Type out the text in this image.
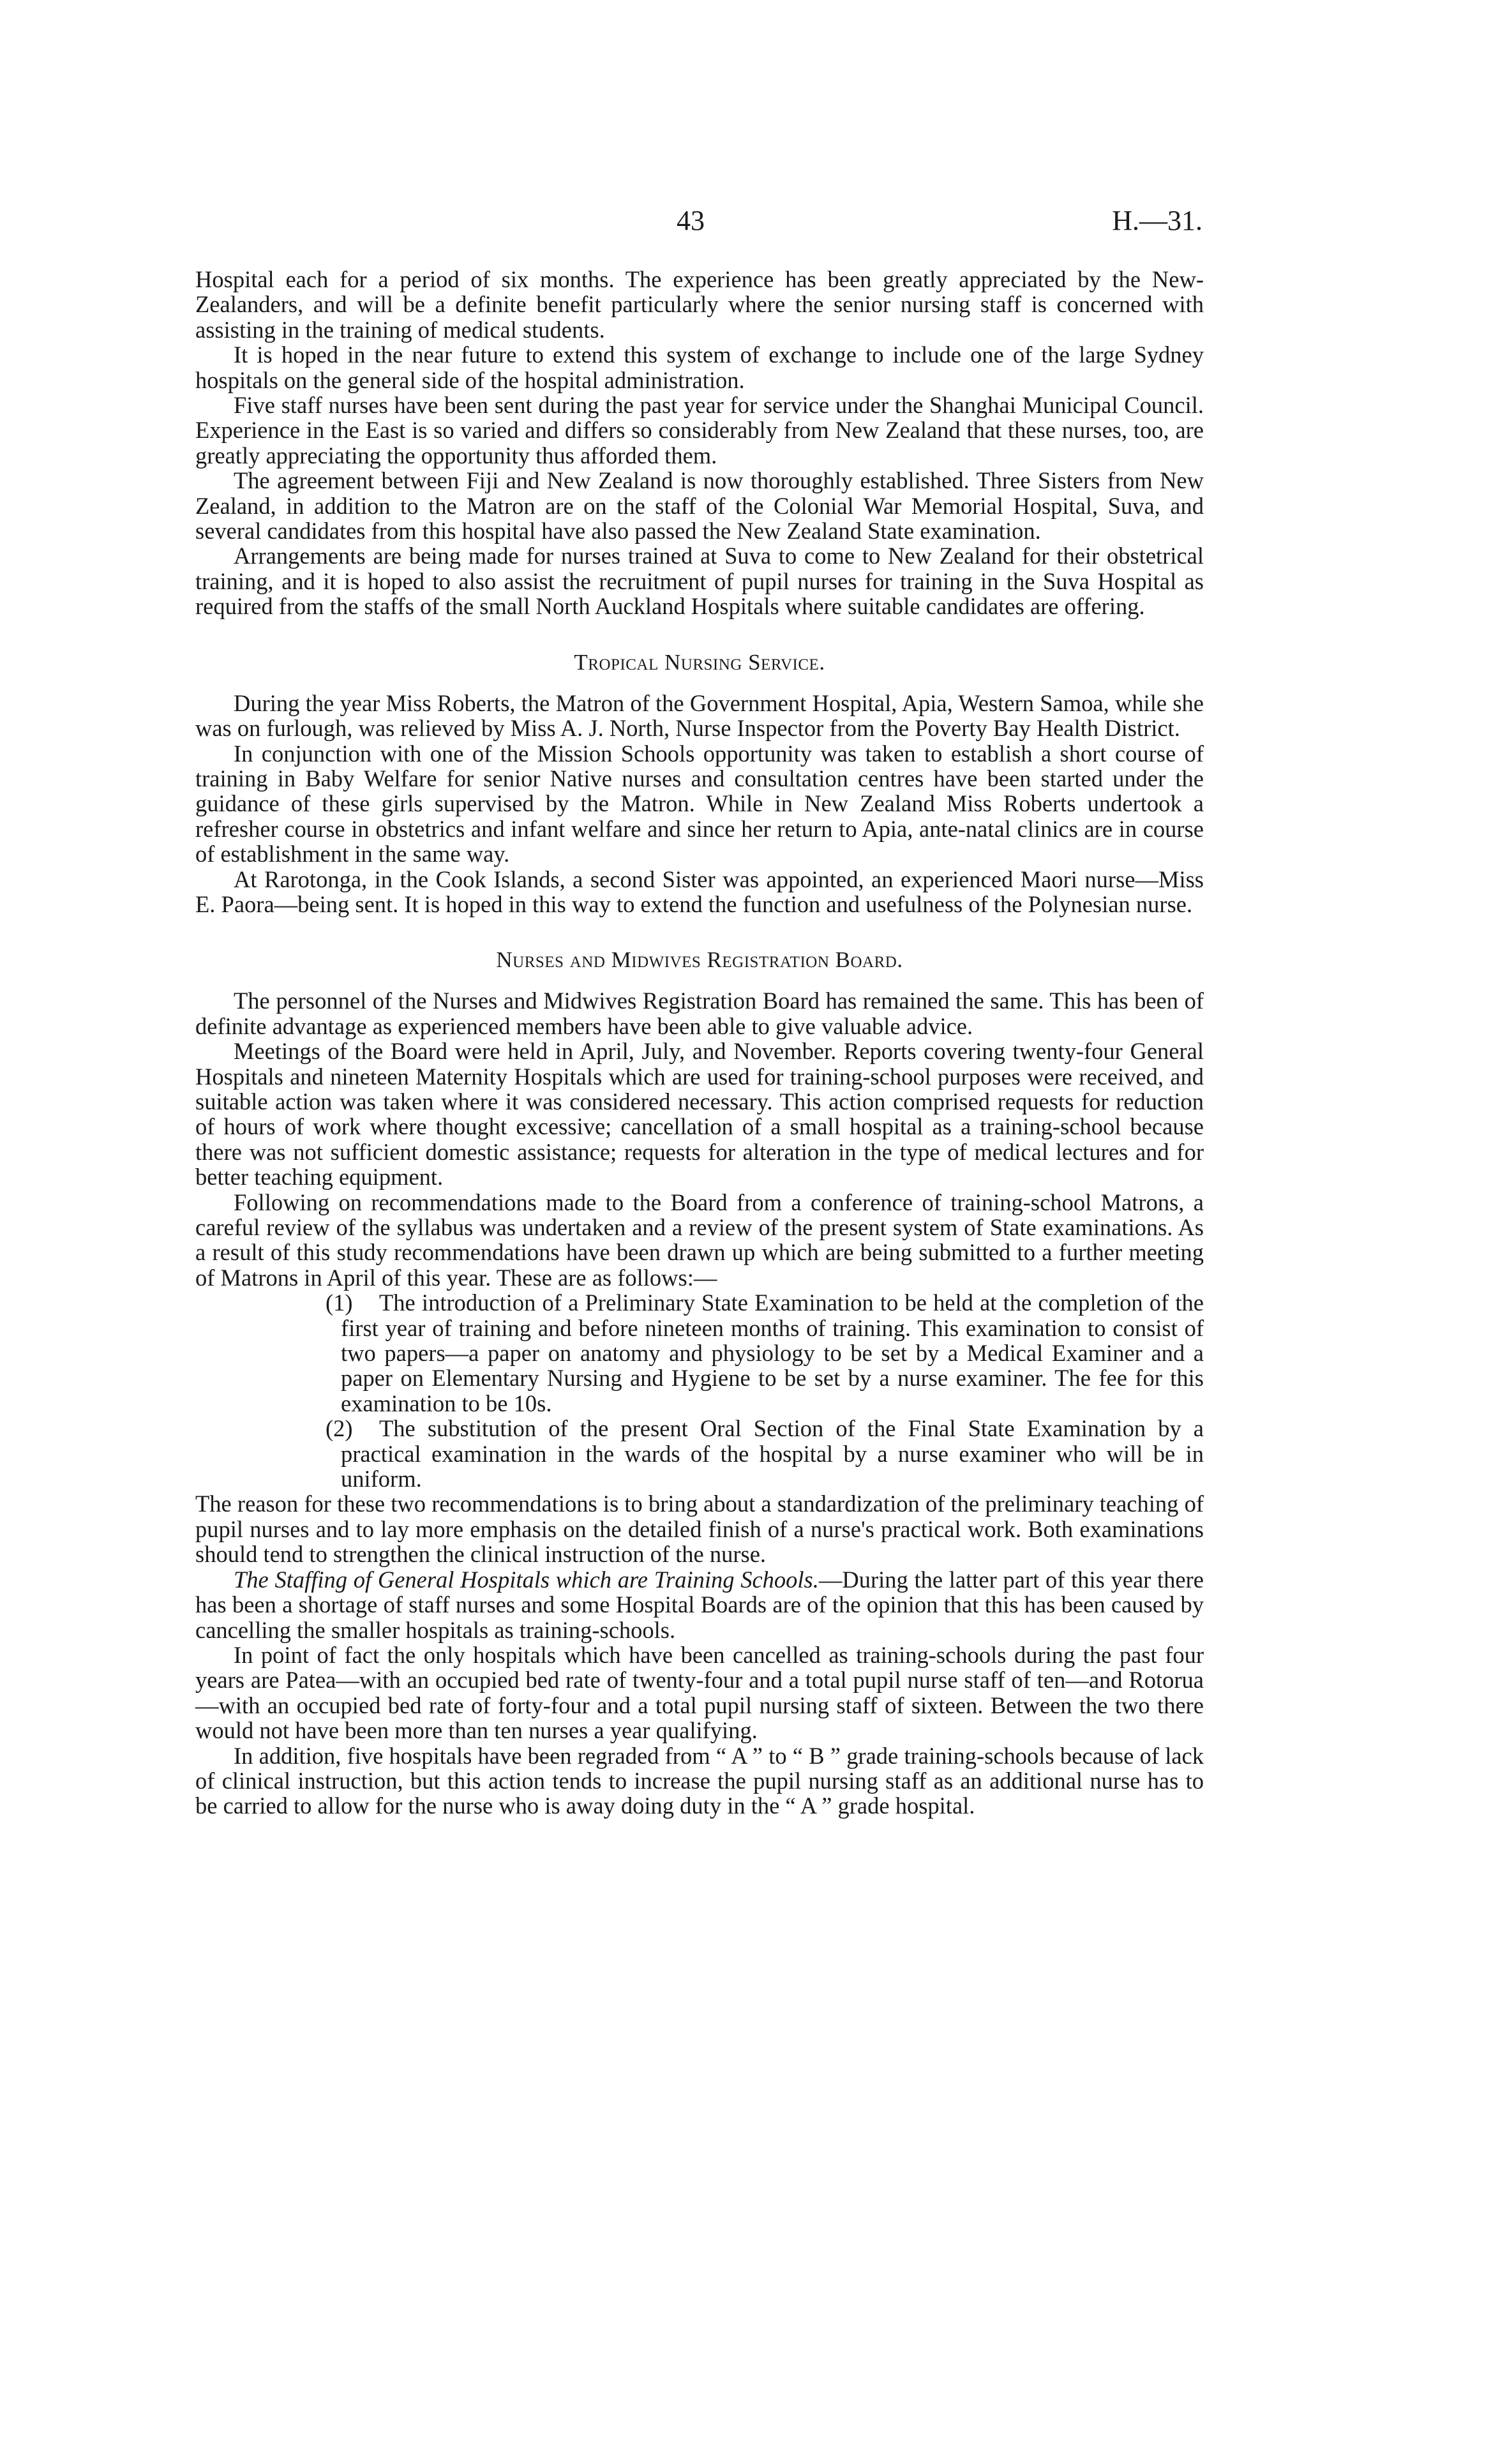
43	H.—31.

Hospital each for a period of six months. The experience has been greatly appreciated by the New-Zealanders, and will be a definite benefit particularly where the senior nursing staff is concerned with assisting in the training of medical students.

It is hoped in the near future to extend this system of exchange to include one of the large Sydney hospitals on the general side of the hospital administration.

Five staff nurses have been sent during the past year for service under the Shanghai Municipal Council. Experience in the East is so varied and differs so considerably from New Zealand that these nurses, too, are greatly appreciating the opportunity thus afforded them.

The agreement between Fiji and New Zealand is now thoroughly established. Three Sisters from New Zealand, in addition to the Matron are on the staff of the Colonial War Memorial Hospital, Suva, and several candidates from this hospital have also passed the New Zealand State examination.

Arrangements are being made for nurses trained at Suva to come to New Zealand for their obstetrical training, and it is hoped to also assist the recruitment of pupil nurses for training in the Suva Hospital as required from the staffs of the small North Auckland Hospitals where suitable candidates are offering.

Tropical Nursing Service.

During the year Miss Roberts, the Matron of the Government Hospital, Apia, Western Samoa, while she was on furlough, was relieved by Miss A. J. North, Nurse Inspector from the Poverty Bay Health District.

In conjunction with one of the Mission Schools opportunity was taken to establish a short course of training in Baby Welfare for senior Native nurses and consultation centres have been started under the guidance of these girls supervised by the Matron. While in New Zealand Miss Roberts undertook a refresher course in obstetrics and infant welfare and since her return to Apia, ante-natal clinics are in course of establishment in the same way.

At Rarotonga, in the Cook Islands, a second Sister was appointed, an experienced Maori nurse—Miss E. Paora—being sent. It is hoped in this way to extend the function and usefulness of the Polynesian nurse.

Nurses and Midwives Registration Board.

The personnel of the Nurses and Midwives Registration Board has remained the same. This has been of definite advantage as experienced members have been able to give valuable advice.

Meetings of the Board were held in April, July, and November. Reports covering twenty-four General Hospitals and nineteen Maternity Hospitals which are used for training-school purposes were received, and suitable action was taken where it was considered necessary. This action comprised requests for reduction of hours of work where thought excessive; cancellation of a small hospital as a training-school because there was not sufficient domestic assistance; requests for alteration in the type of medical lectures and for better teaching equipment.

Following on recommendations made to the Board from a conference of training-school Matrons, a careful review of the syllabus was undertaken and a review of the present system of State examinations. As a result of this study recommendations have been drawn up which are being submitted to a further meeting of Matrons in April of this year. These are as follows:—

(1) The introduction of a Preliminary State Examination to be held at the completion of the first year of training and before nineteen months of training. This examination to consist of two papers—a paper on anatomy and physiology to be set by a Medical Examiner and a paper on Elementary Nursing and Hygiene to be set by a nurse examiner. The fee for this examination to be 10s.

(2) The substitution of the present Oral Section of the Final State Examination by a practical examination in the wards of the hospital by a nurse examiner who will be in uniform.

The reason for these two recommendations is to bring about a standardization of the preliminary teaching of pupil nurses and to lay more emphasis on the detailed finish of a nurse's practical work. Both examinations should tend to strengthen the clinical instruction of the nurse.

The Staffing of General Hospitals which are Training Schools.—During the latter part of this year there has been a shortage of staff nurses and some Hospital Boards are of the opinion that this has been caused by cancelling the smaller hospitals as training-schools.

In point of fact the only hospitals which have been cancelled as training-schools during the past four years are Patea—with an occupied bed rate of twenty-four and a total pupil nurse staff of ten—and Rotorua—with an occupied bed rate of forty-four and a total pupil nursing staff of sixteen. Between the two there would not have been more than ten nurses a year qualifying.

In addition, five hospitals have been regraded from “ A ” to “ B ” grade training-schools because of lack of clinical instruction, but this action tends to increase the pupil nursing staff as an additional nurse has to be carried to allow for the nurse who is away doing duty in the “ A ” grade hospital.
